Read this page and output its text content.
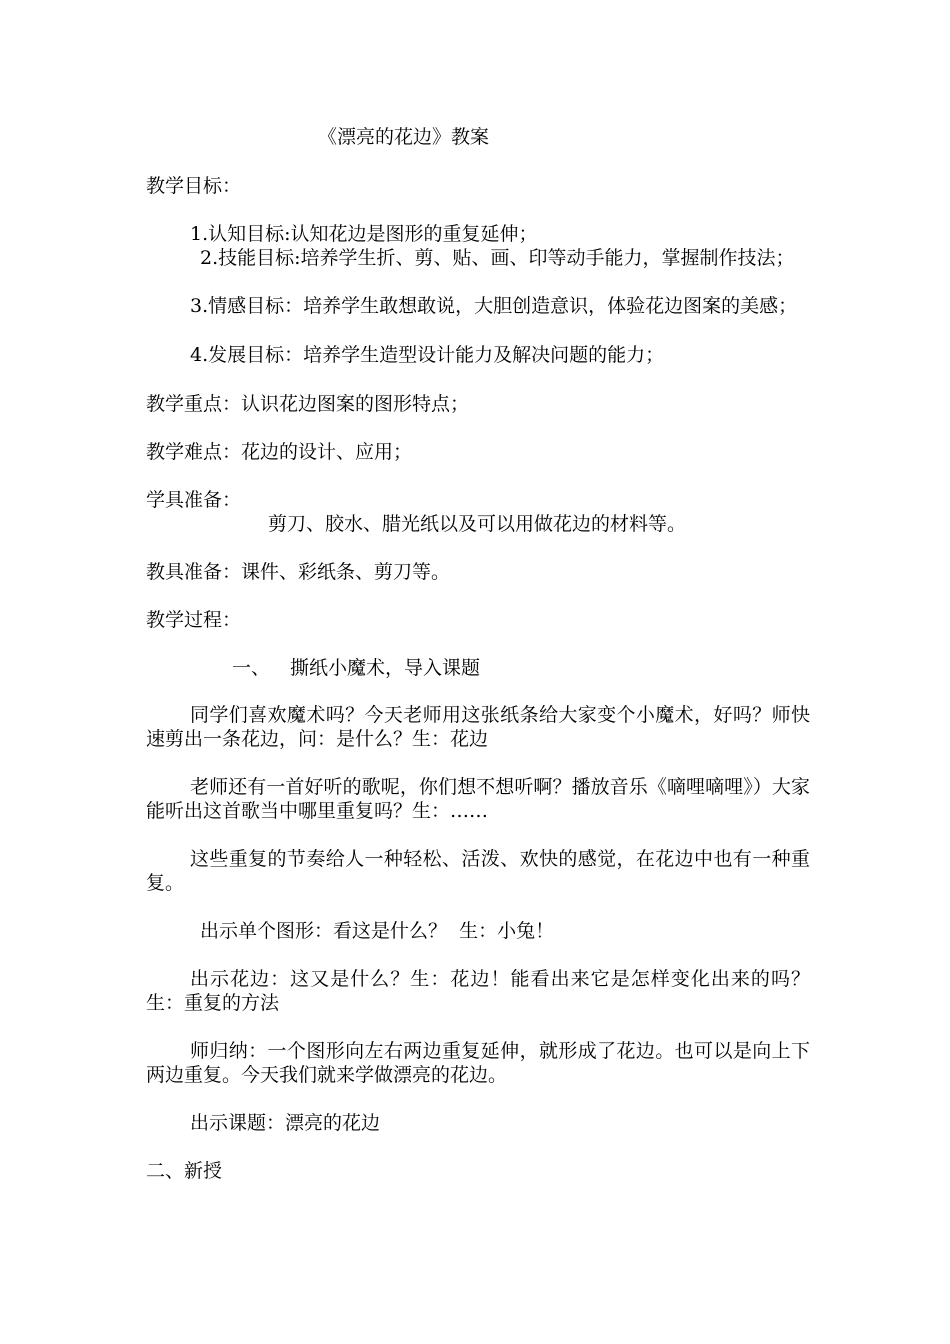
《漂亮的花边》教案
教学目标：
1.认知目标:认知花边是图形的重复延伸；
2.技能目标:培养学生折、剪、贴、画、印等动手能力，掌握制作技法；
3.情感目标：培养学生敢想敢说，大胆创造意识，体验花边图案的美感；
4.发展目标：培养学生造型设计能力及解决问题的能力；
教学重点：认识花边图案的图形特点；
教学难点：花边的设计、应用；
学具准备：
剪刀、胶水、腊光纸以及可以用做花边的材料等。
教具准备：课件、彩纸条、剪刀等。
教学过程：
一、	撕纸小魔术，导入课题
同学们喜欢魔术吗？今天老师用这张纸条给大家变个小魔术，好吗？师快速剪出一条花边，问：是什么？生：花边
老师还有一首好听的歌呢，你们想不想听啊？播放音乐《嘀哩嘀哩》）大家能听出这首歌当中哪里重复吗？生：……
这些重复的节奏给人一种轻松、活泼、欢快的感觉，在花边中也有一种重复。
出示单个图形：看这是什么？  生：小兔！
出示花边：这又是什么？生：花边！能看出来它是怎样变化出来的吗？生：重复的方法
师归纳：一个图形向左右两边重复延伸，就形成了花边。也可以是向上下两边重复。今天我们就来学做漂亮的花边。
出示课题：漂亮的花边
二、新授
